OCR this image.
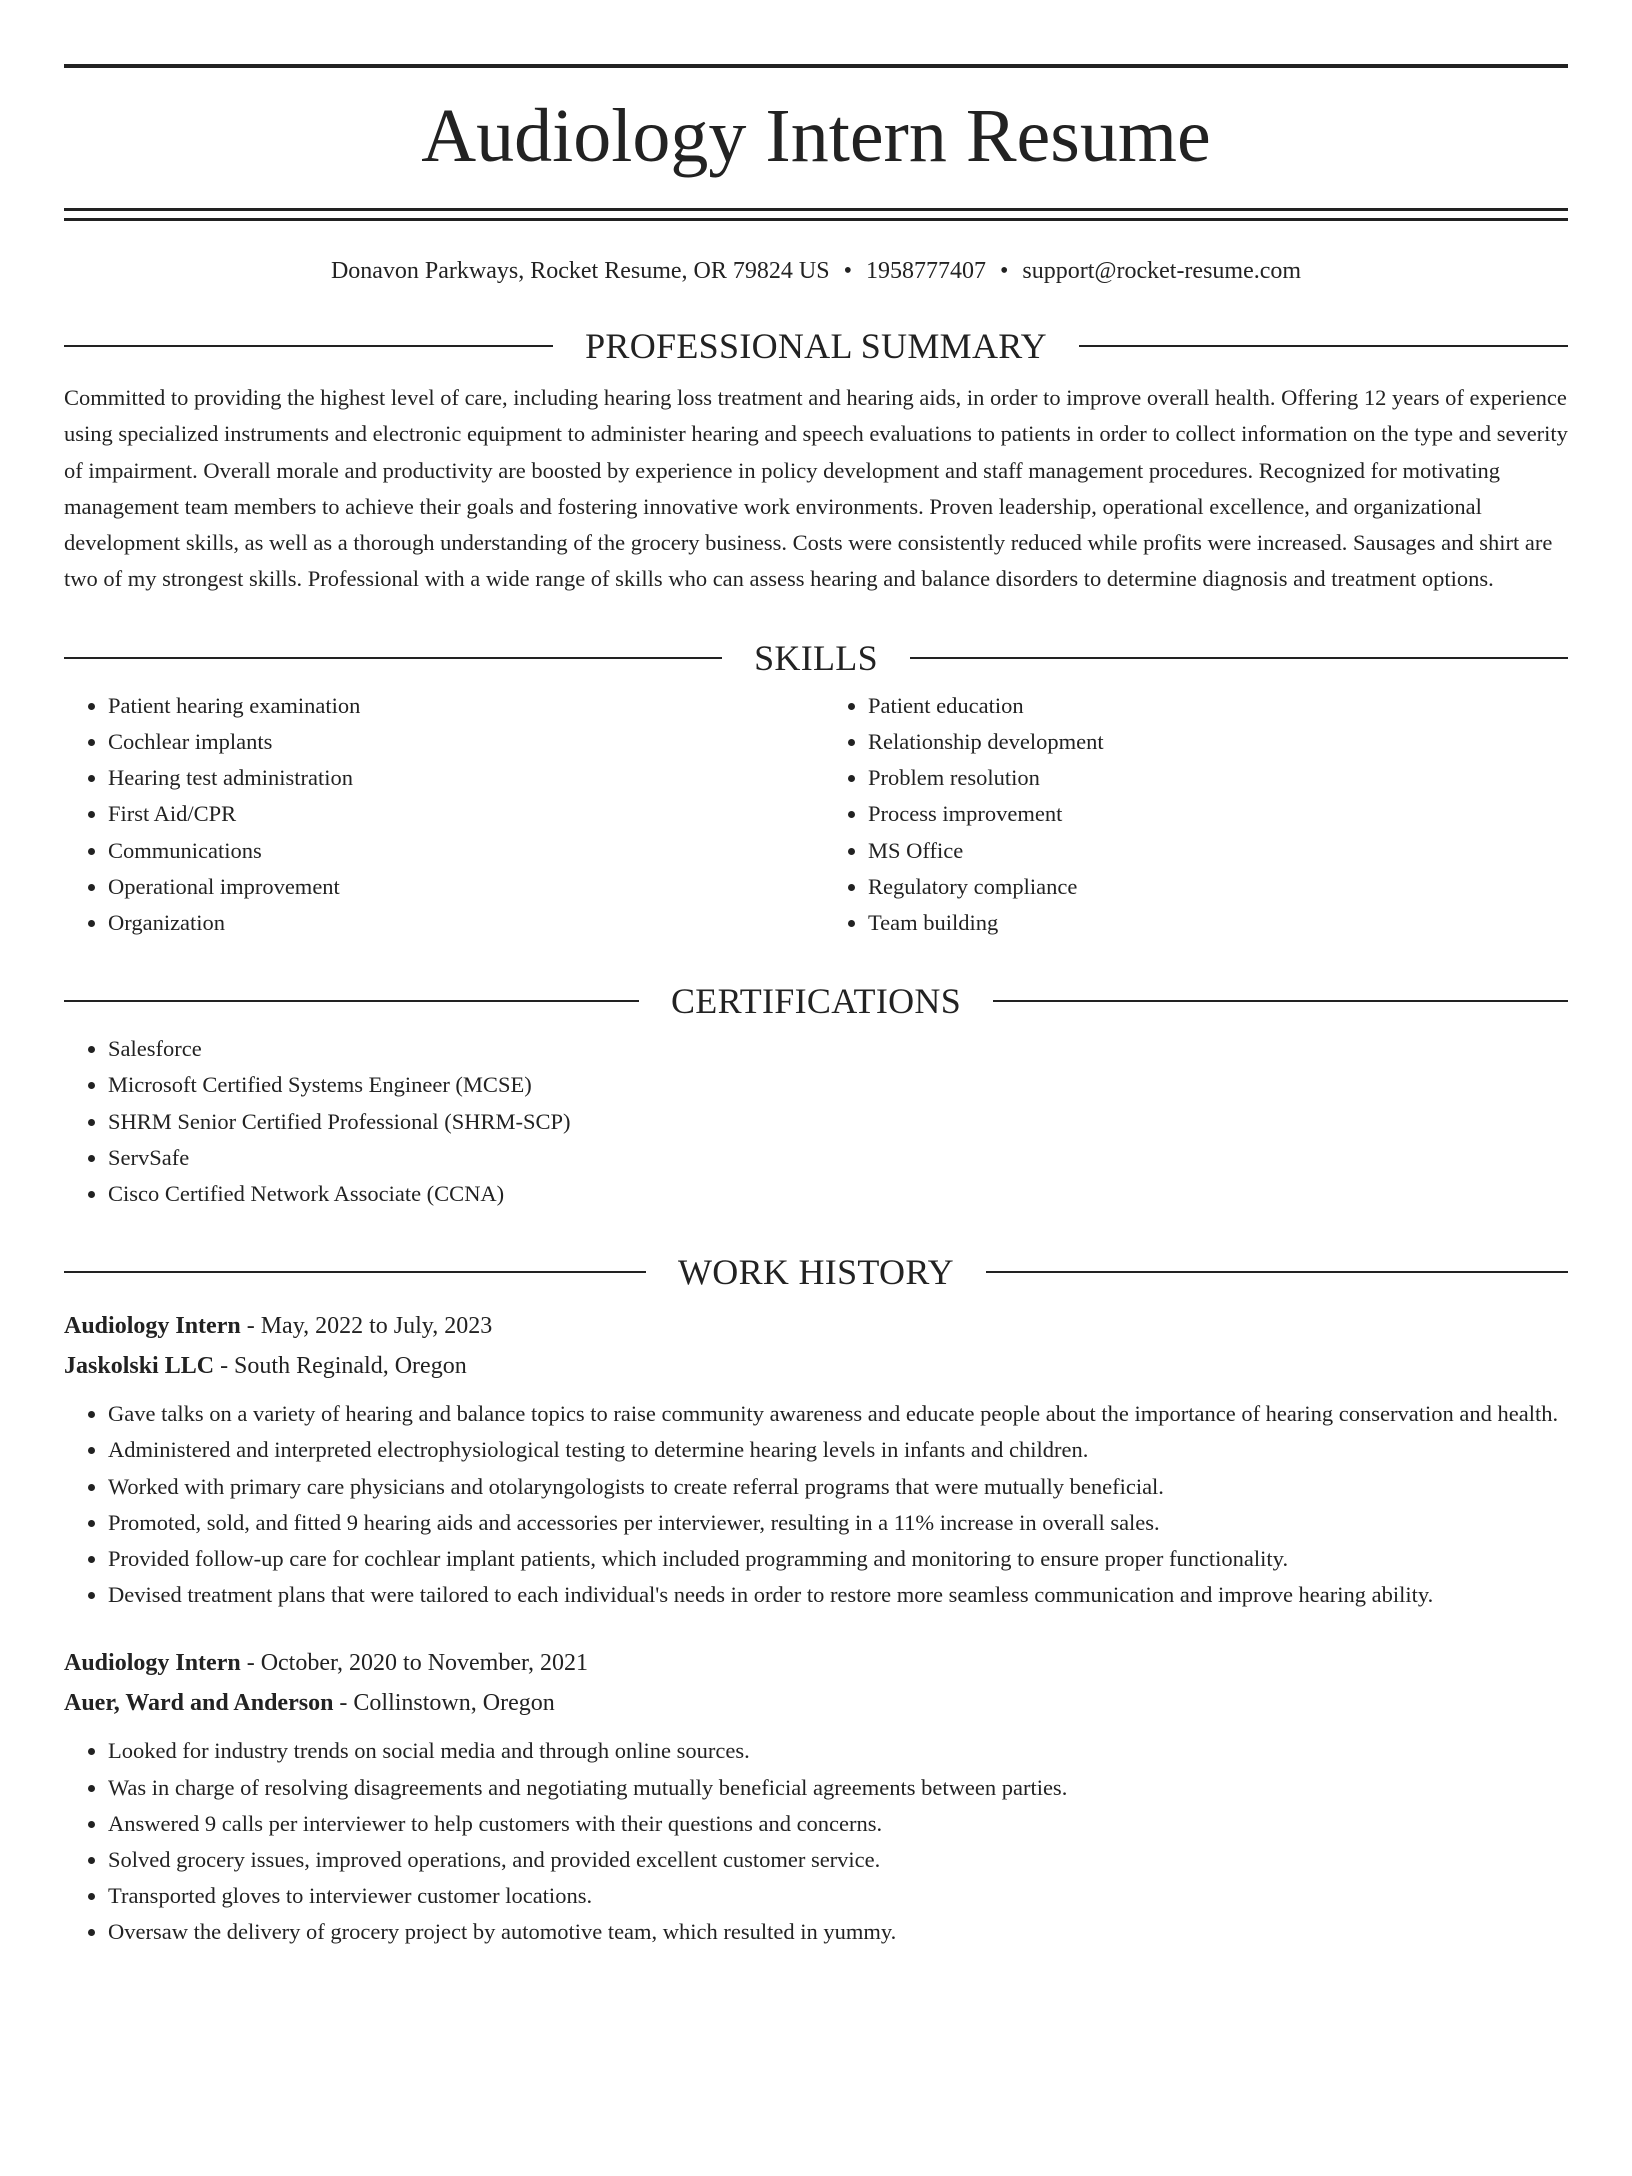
Audiology Intern Resume
Donavon Parkways, Rocket Resume, OR 79824 US • 1958777407 • support@rocket-resume.com
PROFESSIONAL SUMMARY
Committed to providing the highest level of care, including hearing loss treatment and hearing aids, in order to improve overall health. Offering 12 years of experience using specialized instruments and electronic equipment to administer hearing and speech evaluations to patients in order to collect information on the type and severity of impairment. Overall morale and productivity are boosted by experience in policy development and staff management procedures. Recognized for motivating management team members to achieve their goals and fostering innovative work environments. Proven leadership, operational excellence, and organizational development skills, as well as a thorough understanding of the grocery business. Costs were consistently reduced while profits were increased. Sausages and shirt are two of my strongest skills. Professional with a wide range of skills who can assess hearing and balance disorders to determine diagnosis and treatment options.
SKILLS
• Patient hearing examination
• Cochlear implants
• Hearing test administration
• First Aid/CPR
• Communications
• Operational improvement
• Organization
• Patient education
• Relationship development
• Problem resolution
• Process improvement
• MS Office
• Regulatory compliance
• Team building
CERTIFICATIONS
• Salesforce
• Microsoft Certified Systems Engineer (MCSE)
• SHRM Senior Certified Professional (SHRM-SCP)
• ServSafe
• Cisco Certified Network Associate (CCNA)
WORK HISTORY
Audiology Intern - May, 2022 to July, 2023
Jaskolski LLC - South Reginald, Oregon
• Gave talks on a variety of hearing and balance topics to raise community awareness and educate people about the importance of hearing conservation and health.
• Administered and interpreted electrophysiological testing to determine hearing levels in infants and children.
• Worked with primary care physicians and otolaryngologists to create referral programs that were mutually beneficial.
• Promoted, sold, and fitted 9 hearing aids and accessories per interviewer, resulting in a 11% increase in overall sales.
• Provided follow-up care for cochlear implant patients, which included programming and monitoring to ensure proper functionality.
• Devised treatment plans that were tailored to each individual's needs in order to restore more seamless communication and improve hearing ability.
Audiology Intern - October, 2020 to November, 2021
Auer, Ward and Anderson - Collinstown, Oregon
• Looked for industry trends on social media and through online sources.
• Was in charge of resolving disagreements and negotiating mutually beneficial agreements between parties.
• Answered 9 calls per interviewer to help customers with their questions and concerns.
• Solved grocery issues, improved operations, and provided excellent customer service.
• Transported gloves to interviewer customer locations.
• Oversaw the delivery of grocery project by automotive team, which resulted in yummy.
